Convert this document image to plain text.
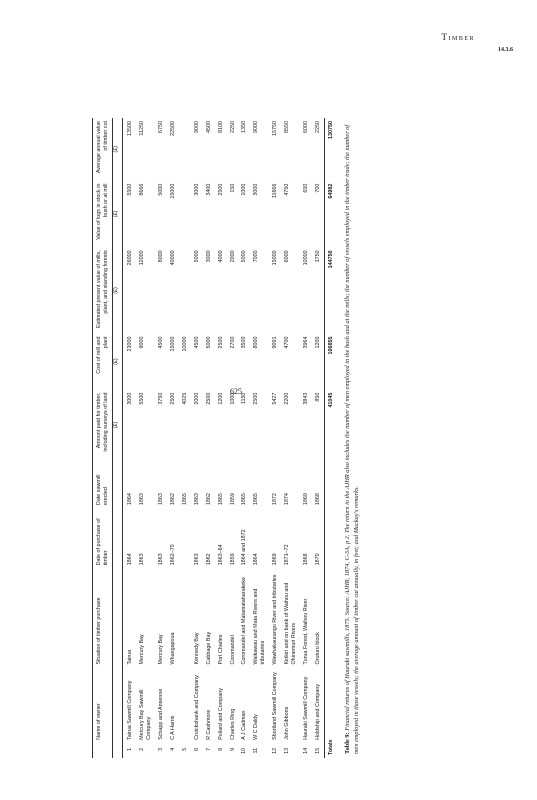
Timber
14.3.6
625
	Name of owner	Situation of timber purchase	Date of purchase of timber	Date sawmill erected	Amount paid for timber, including surveys of land	Cost of mill and plant	Estimated present value of mills, plant, and standing forests	Value of logs in stock in bush or at mill	Average annual value of timber cut
					(£)	(£)	(£)	(£)	(£)
1	Tairua Sawmill Company	Tairua	1864	1864	3000	23000	26000	5500	13500
2	Mercury Bay Sawmill Company	Mercury Bay	1863	1863	5500	9000	12000	8666	11250
3	Schapp and Ansenne	Mercury Bay	1863	1863	3750	4500	8000	5000	6750
4	C A Harris	Whangapoua	1862–70	1862	2500	15000	40000	15000	22500
5				1865	4025	10000			
6	Cruickshank and Company	Kennedy Bay	1863	1863	2000	4500	5000	3000	9000
7	R Cashmore	Cabbage Bay	1862	1862	2500	5000	3000	3400	4500
8	Pollard and Company	Port Charles	1863–64	1865	1200	2500	4000	2500	8100
9	Charles Ring	Coromandel	1859	1859	1000	2700	2000	150	2250
10	A J Cadman	Coromandel and Matamataharakeke	1864 and 1872	1865	1150	3500	5000	1000	1350
11	W C Daldy	Waikawau and Mata Rivers and tributaries	1864	1865	2500	8000	7000	3000	9000
12	Shortland Sawmill Company	Wawhakaurangu River and tributaries	1869	1872	5427	9091	15000	11666	15750
13	John Gibbons	Kirikiri and on bank of Waihou and Ohinemuri Rivers	1871–72	1874	2200	4700	6000	4750	8550
14	Hauraki Sawmill Company	Turua Forest, Waihou River	1868	1869	3843	3964	10000	650	6000
15	Holdship and Company	Oruturu block	1870	1868	850	1200	1750	700	2250
Totals					41045	106855	144750	64982	130750
Table 9: Financial returns of Hauraki sawmills, 1875. Source: AJHR, 1874, C-3A, p 2. The return in the AJHR also includes the number of men employed in the bush and at the mills; the number of vessels employed in the timber trade; the number of men employed in those vessels; the average amount of timber cut annually, in feet; and Mackay's remarks.
